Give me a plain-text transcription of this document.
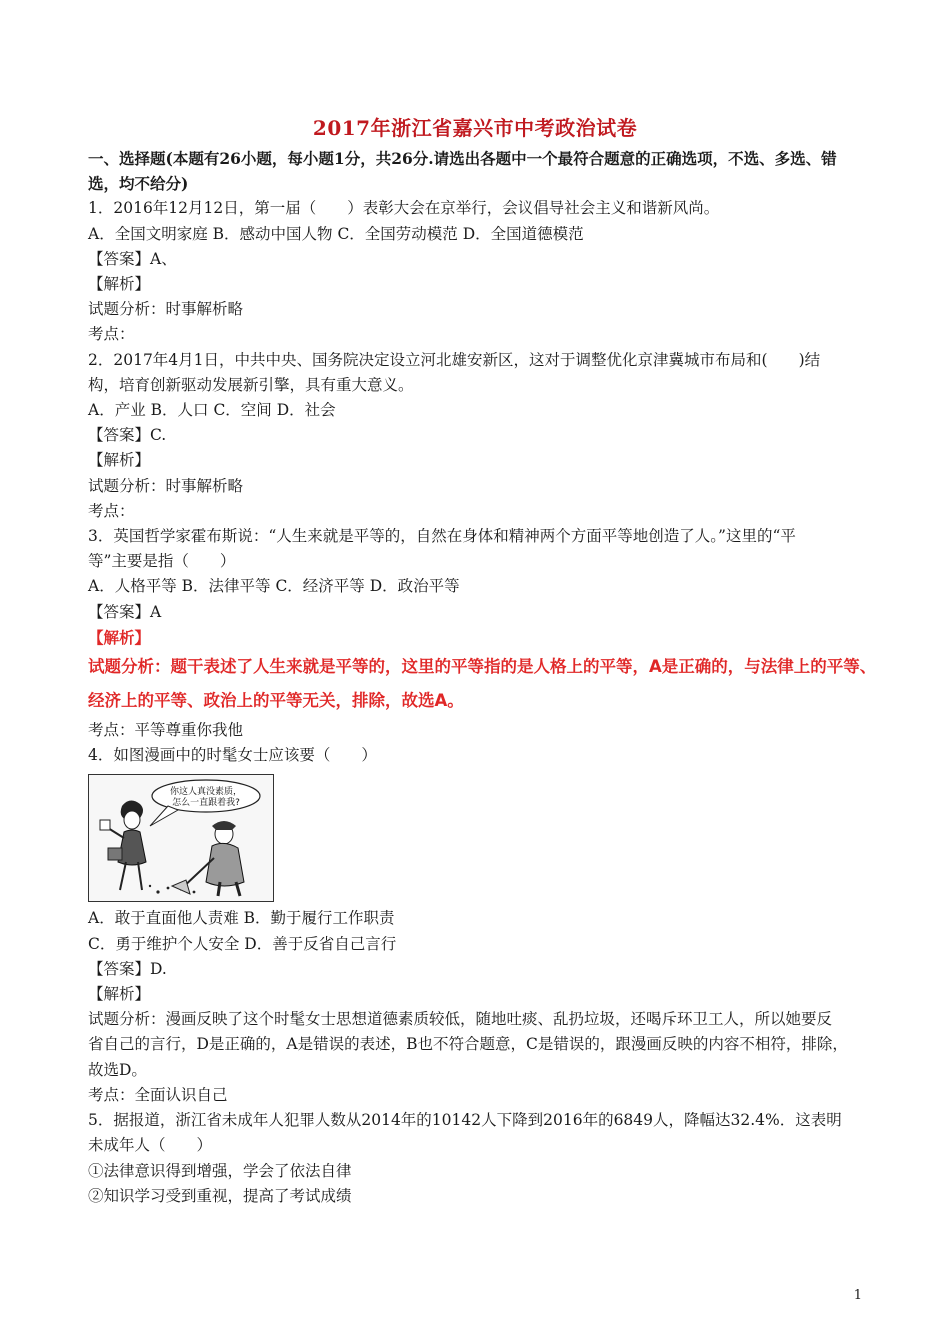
2017年浙江省嘉兴市中考政治试卷
一、选择题(本题有26小题，每小题1分，共26分.请选出各题中一个最符合题意的正确选项，不选、多选、错
选，均不给分)
1．2016年12月12日，第一届（　　）表彰大会在京举行，会议倡导社会主义和谐新风尚。
A．全国文明家庭 B．感动中国人物 C．全国劳动模范 D．全国道德模范
【答案】A、
【解析】
试题分析：时事解析略
考点：
2．2017年4月1日，中共中央、国务院决定设立河北雄安新区，这对于调整优化京津冀城市布局和(　　)结
构，培育创新驱动发展新引擎，具有重大意义。
A．产业 B．人口 C．空间 D．社会
【答案】C.
【解析】
试题分析：时事解析略
考点：
3．英国哲学家霍布斯说：“人生来就是平等的，自然在身体和精神两个方面平等地创造了人。”这里的“平
等”主要是指（　　）
A．人格平等 B．法律平等 C．经济平等 D．政治平等
【答案】A
【解析】
试题分析：题干表述了人生来就是平等的，这里的平等指的是人格上的平等，A是正确的，与法律上的平等、
经济上的平等、政治上的平等无关，排除，故选A。
考点：平等尊重你我他
4．如图漫画中的时髦女士应该要（　　）
你这人真没素质，
怎么一直跟着我?
A．敢于直面他人责难 B．勤于履行工作职责
C．勇于维护个人安全 D．善于反省自己言行
【答案】D.
【解析】
试题分析：漫画反映了这个时髦女士思想道德素质较低，随地吐痰、乱扔垃圾，还喝斥环卫工人，所以她要反
省自己的言行，D是正确的，A是错误的表述，B也不符合题意，C是错误的，跟漫画反映的内容不相符，排除，
故选D。
考点：全面认识自己
5．据报道，浙江省未成年人犯罪人数从2014年的10142人下降到2016年的6849人，降幅达32.4%．这表明
未成年人（　　）
①法律意识得到增强，学会了依法自律
②知识学习受到重视，提高了考试成绩
1
